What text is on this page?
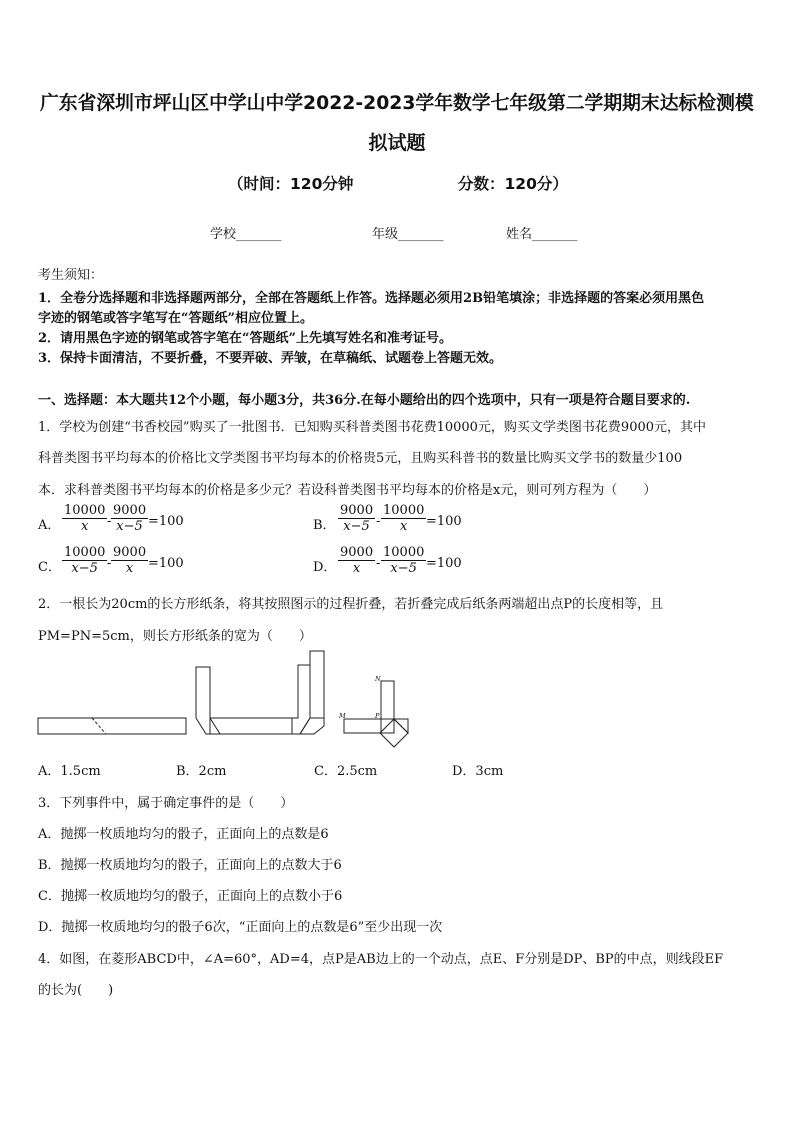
广东省深圳市坪山区中学山中学2022-2023学年数学七年级第二学期期末达标检测模
拟试题
（时间：120分钟	分数：120分）
学校_______	年级_______	姓名_______
考生须知：
1．全卷分选择题和非选择题两部分，全部在答题纸上作答。选择题必须用2B铅笔填涂；非选择题的答案必须用黑色
字迹的钢笔或答字笔写在“答题纸”相应位置上。
2．请用黑色字迹的钢笔或答字笔在“答题纸”上先填写姓名和准考证号。
3．保持卡面清洁，不要折叠，不要弄破、弄皱，在草稿纸、试题卷上答题无效。
一、选择题：本大题共12个小题，每小题3分，共36分.在每小题给出的四个选项中，只有一项是符合题目要求的.
1．学校为创建“书香校园”购买了一批图书．已知购买科普类图书花费10000元，购买文学类图书花费9000元，其中
科普类图书平均每本的价格比文学类图书平均每本的价格贵5元，且购买科普书的数量比购买文学书的数量少100
本．求科普类图书平均每本的价格是多少元？若设科普类图书平均每本的价格是x元，则可列方程为（　　）
A． $\frac{10000}{x} - \frac{9000}{x-5} =100$	B． $\frac{9000}{x-5} - \frac{10000}{x} =100$
C． $\frac{10000}{x-5} - \frac{9000}{x} =100$	D． $\frac{9000}{x} - \frac{10000}{x-5} =100$
2．一根长为20cm的长方形纸条，将其按照图示的过程折叠，若折叠完成后纸条两端超出点P的长度相等，且
PM=PN=5cm，则长方形纸条的宽为（　　）
N
M	P
A．1.5cm	B．2cm	C．2.5cm	D．3cm
3．下列事件中，属于确定事件的是（　　）
A．抛掷一枚质地均匀的骰子，正面向上的点数是6
B．抛掷一枚质地均匀的骰子，正面向上的点数大于6
C．抛掷一枚质地均匀的骰子，正面向上的点数小于6
D．抛掷一枚质地均匀的骰子6次，“正面向上的点数是6”至少出现一次
4．如图，在菱形ABCD中，∠A=60°，AD=4，点P是AB边上的一个动点，点E、F分别是DP、BP的中点，则线段EF
的长为(　　)
